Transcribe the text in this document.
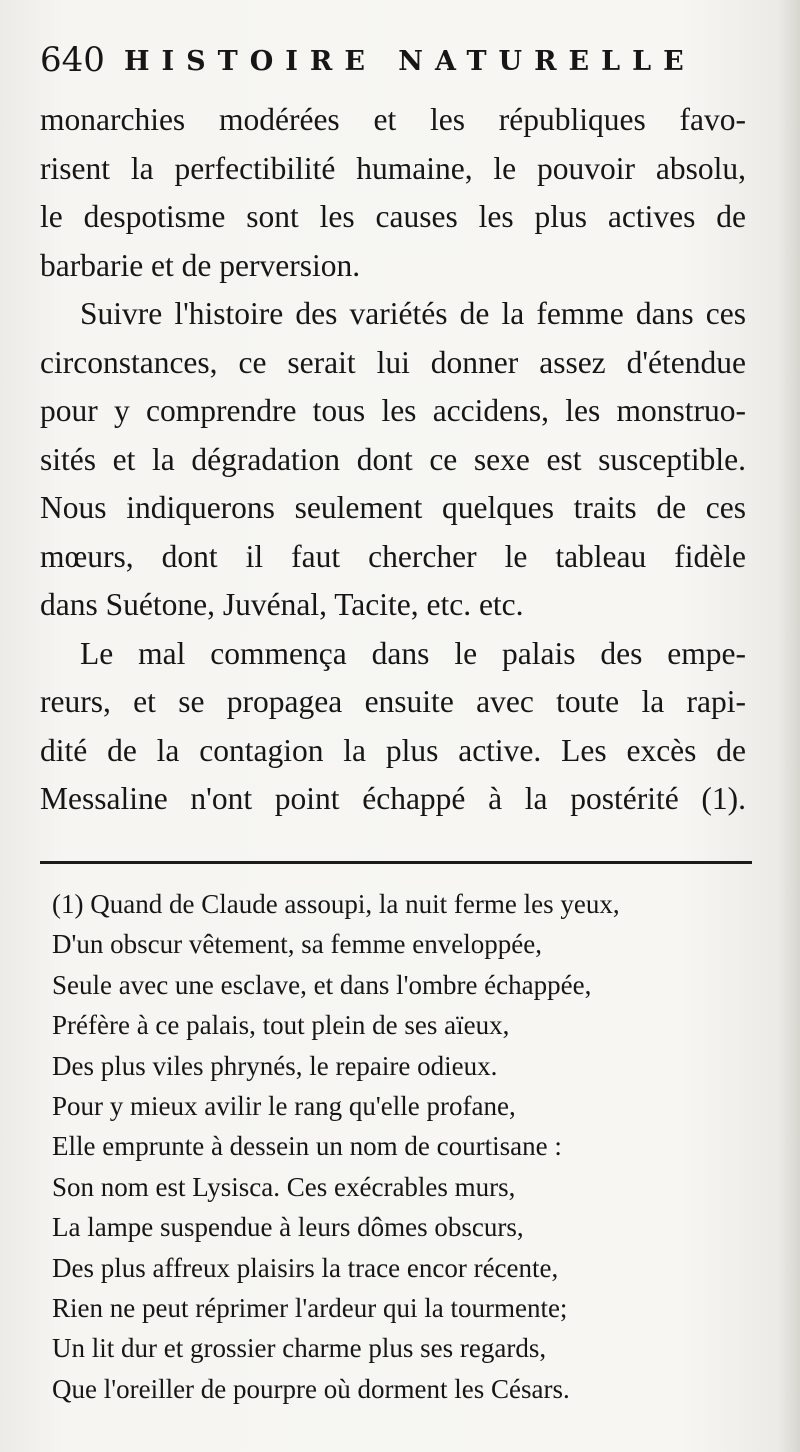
640 HISTOIRE NATURELLE
monarchies modérées et les républiques favo-
risent la perfectibilité humaine, le pouvoir absolu,
le despotisme sont les causes les plus actives de
barbarie et de perversion.
Suivre l'histoire des variétés de la femme dans ces
circonstances, ce serait lui donner assez d'étendue
pour y comprendre tous les accidens, les monstruo-
sités et la dégradation dont ce sexe est susceptible.
Nous indiquerons seulement quelques traits de ces
mœurs, dont il faut chercher le tableau fidèle
dans Suétone, Juvénal, Tacite, etc. etc.
Le mal commença dans le palais des empe-
reurs, et se propagea ensuite avec toute la rapi-
dité de la contagion la plus active. Les excès de
Messaline n'ont point échappé à la postérité (1).
(1) Quand de Claude assoupi, la nuit ferme les yeux,
D'un obscur vêtement, sa femme enveloppée,
Seule avec une esclave, et dans l'ombre échappée,
Préfère à ce palais, tout plein de ses aïeux,
Des plus viles phrynés, le repaire odieux.
Pour y mieux avilir le rang qu'elle profane,
Elle emprunte à dessein un nom de courtisane :
Son nom est Lysisca. Ces exécrables murs,
La lampe suspendue à leurs dômes obscurs,
Des plus affreux plaisirs la trace encor récente,
Rien ne peut réprimer l'ardeur qui la tourmente;
Un lit dur et grossier charme plus ses regards,
Que l'oreiller de pourpre où dorment les Césars.
